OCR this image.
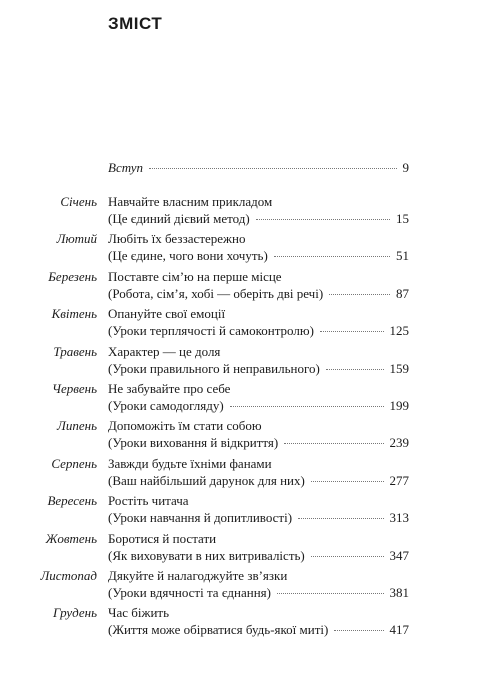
ЗМІСТ
Вступ	9
Січень Навчайте власним прикладом
(Це єдиний дієвий метод)	15
Лютий Любіть їх беззастережно
(Це єдине, чого вони хочуть)	51
Березень Поставте сім’ю на перше місце
(Робота, сім’я, хобі — оберіть дві речі)	87
Квітень Опануйте свої емоції
(Уроки терплячості й самоконтролю)	125
Травень Характер — це доля
(Уроки правильного й неправильного)	159
Червень Не забувайте про себе
(Уроки самодогляду)	199
Липень Допоможіть їм стати собою
(Уроки виховання й відкриття)	239
Серпень Завжди будьте їхніми фанами
(Ваш найбільший дарунок для них)	277
Вересень Ростіть читача
(Уроки навчання й допитливості)	313
Жовтень Боротися й постати
(Як виховувати в них витривалість)	347
Листопад Дякуйте й налагоджуйте зв’язки
(Уроки вдячності та єднання)	381
Грудень Час біжить
(Життя може обірватися будь-якої миті)	417
